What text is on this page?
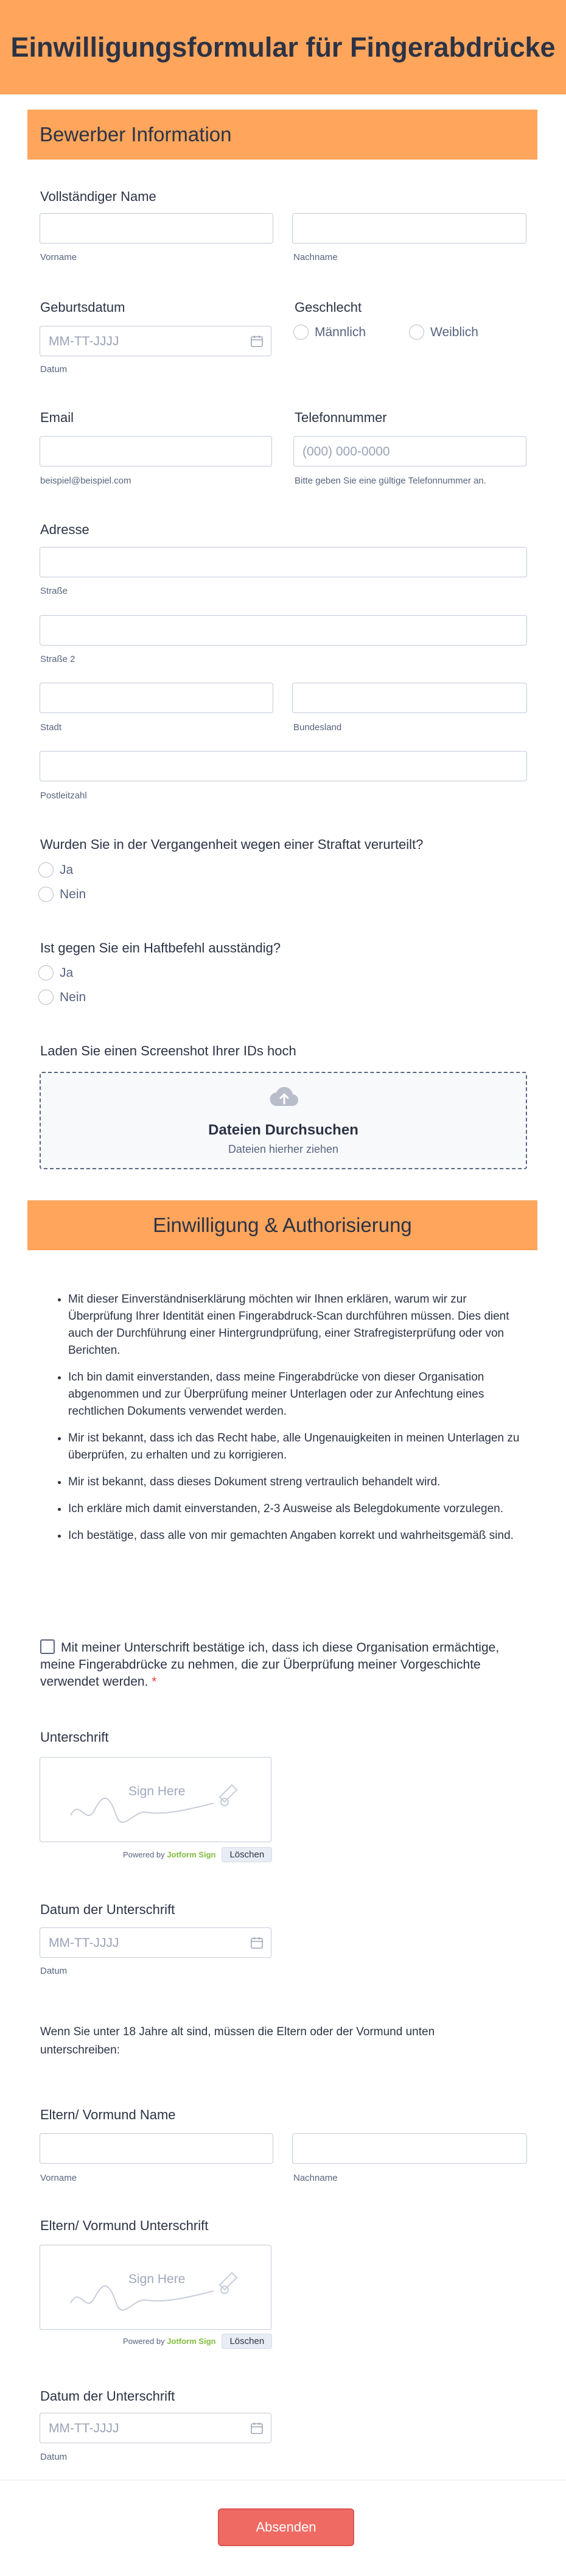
Einwilligungsformular für Fingerabdrücke
Bewerber Information
Vollständiger Name
Vorname	Nachname
Geburtsdatum
MM-TT-JJJJ
Datum
Geschlecht
Männlich	Weiblich
Email
beispiel@beispiel.com
Telefonnummer
(000) 000-0000
Bitte geben Sie eine gültige Telefonnummer an.
Adresse
Straße
Straße 2
Stadt	Bundesland
Postleitzahl
Wurden Sie in der Vergangenheit wegen einer Straftat verurteilt?
Ja
Nein
Ist gegen Sie ein Haftbefehl ausständig?
Ja
Nein
Laden Sie einen Screenshot Ihrer IDs hoch
Dateien Durchsuchen
Dateien hierher ziehen
Einwilligung & Authorisierung
• Mit dieser Einverständniserklärung möchten wir Ihnen erklären, warum wir zur Überprüfung Ihrer Identität einen Fingerabdruck-Scan durchführen müssen. Dies dient auch der Durchführung einer Hintergrundprüfung, einer Strafregisterprüfung oder von Berichten.
• Ich bin damit einverstanden, dass meine Fingerabdrücke von dieser Organisation abgenommen und zur Überprüfung meiner Unterlagen oder zur Anfechtung eines rechtlichen Dokuments verwendet werden.
• Mir ist bekannt, dass ich das Recht habe, alle Ungenauigkeiten in meinen Unterlagen zu überprüfen, zu erhalten und zu korrigieren.
• Mir ist bekannt, dass dieses Dokument streng vertraulich behandelt wird.
• Ich erkläre mich damit einverstanden, 2-3 Ausweise als Belegdokumente vorzulegen.
• Ich bestätige, dass alle von mir gemachten Angaben korrekt und wahrheitsgemäß sind.
Mit meiner Unterschrift bestätige ich, dass ich diese Organisation ermächtige, meine Fingerabdrücke zu nehmen, die zur Überprüfung meiner Vorgeschichte verwendet werden. *
Unterschrift
Sign Here
Powered by Jotform Sign	Löschen
Datum der Unterschrift
MM-TT-JJJJ
Datum
Wenn Sie unter 18 Jahre alt sind, müssen die Eltern oder der Vormund unten unterschreiben:
Eltern/ Vormund Name
Vorname	Nachname
Eltern/ Vormund Unterschrift
Sign Here
Powered by Jotform Sign	Löschen
Datum der Unterschrift
MM-TT-JJJJ
Datum
Absenden
